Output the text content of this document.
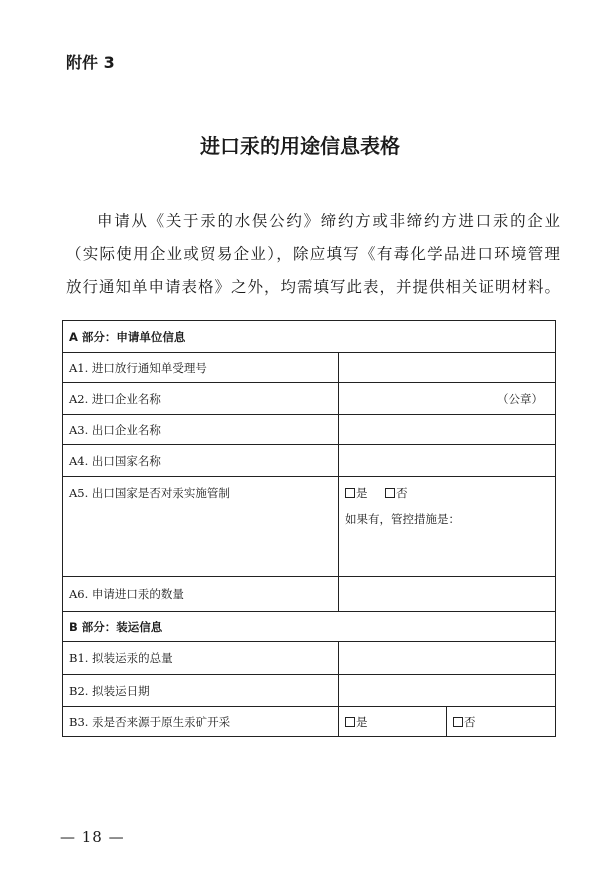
附件 3
进口汞的用途信息表格
申请从《关于汞的水俣公约》缔约方或非缔约方进口汞的企业
（实际使用企业或贸易企业），除应填写《有毒化学品进口环境管理
放行通知单申请表格》之外，均需填写此表，并提供相关证明材料。
A 部分：申请单位信息		
A1. 进口放行通知单受理号		
A2. 进口企业名称	（公章）	

A3. 出口企业名称		
A4. 出口国家名称		
A5. 出口国家是否对汞实施管制	是 否
如果有，管控措施是：	

A6. 申请进口汞的数量		
B 部分：装运信息		
B1. 拟装运汞的总量		
B2. 拟装运日期		
B3. 汞是否来源于原生汞矿开采	是	否
— 18 —
